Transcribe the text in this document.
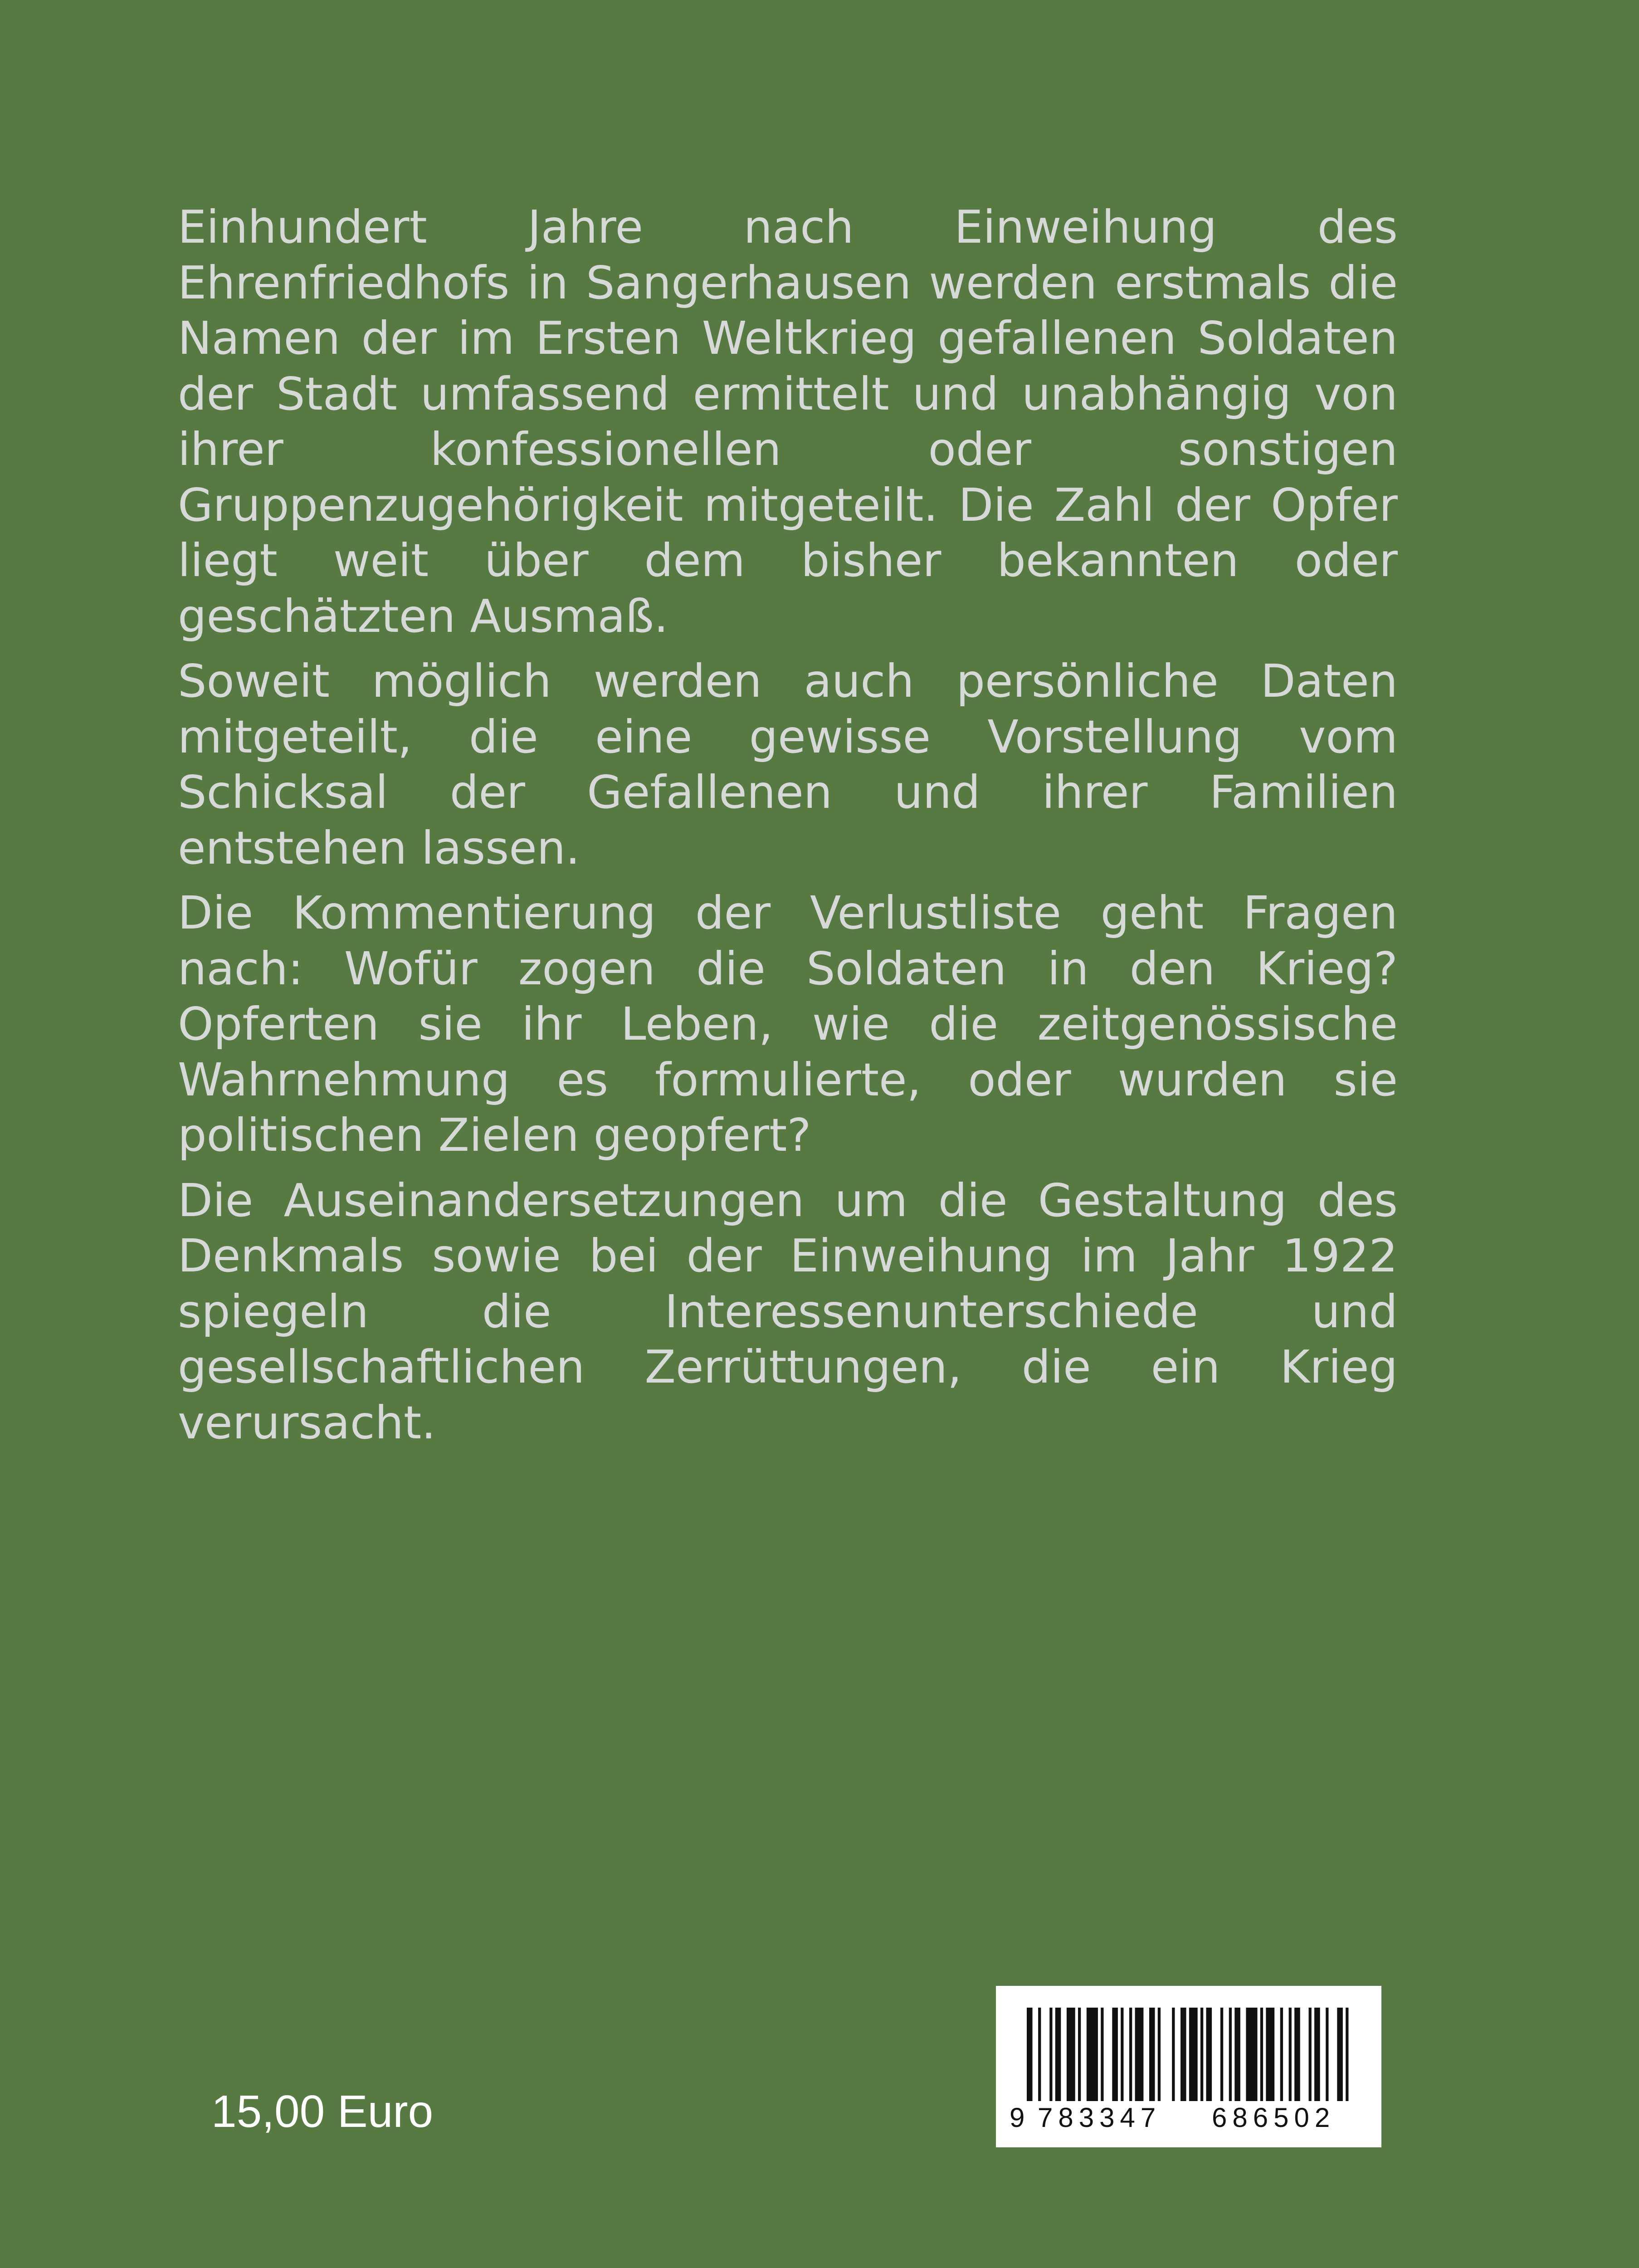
Einhundert Jahre nach Einweihung des Ehrenfriedhofs in Sangerhausen werden erstmals die Namen der im Ersten Weltkrieg gefallenen Soldaten der Stadt umfassend ermittelt und unabhängig von ihrer konfessionellen oder sonstigen Gruppenzugehörigkeit mitgeteilt. Die Zahl der Opfer liegt weit über dem bisher bekannten oder geschätzten Ausmaß.

Soweit möglich werden auch persönliche Daten mitgeteilt, die eine gewisse Vorstellung vom Schicksal der Gefallenen und ihrer Familien entstehen lassen.

Die Kommentierung der Verlustliste geht Fragen nach: Wofür zogen die Soldaten in den Krieg? Opferten sie ihr Leben, wie die zeitgenössische Wahrnehmung es formulierte, oder wurden sie politischen Zielen geopfert?

Die Auseinandersetzungen um die Gestaltung des Denkmals sowie bei der Einweihung im Jahr 1922 spiegeln die Interessenunterschiede und gesellschaftlichen Zerrüttungen, die ein Krieg verursacht.

15,00 Euro	9 783347 686502
